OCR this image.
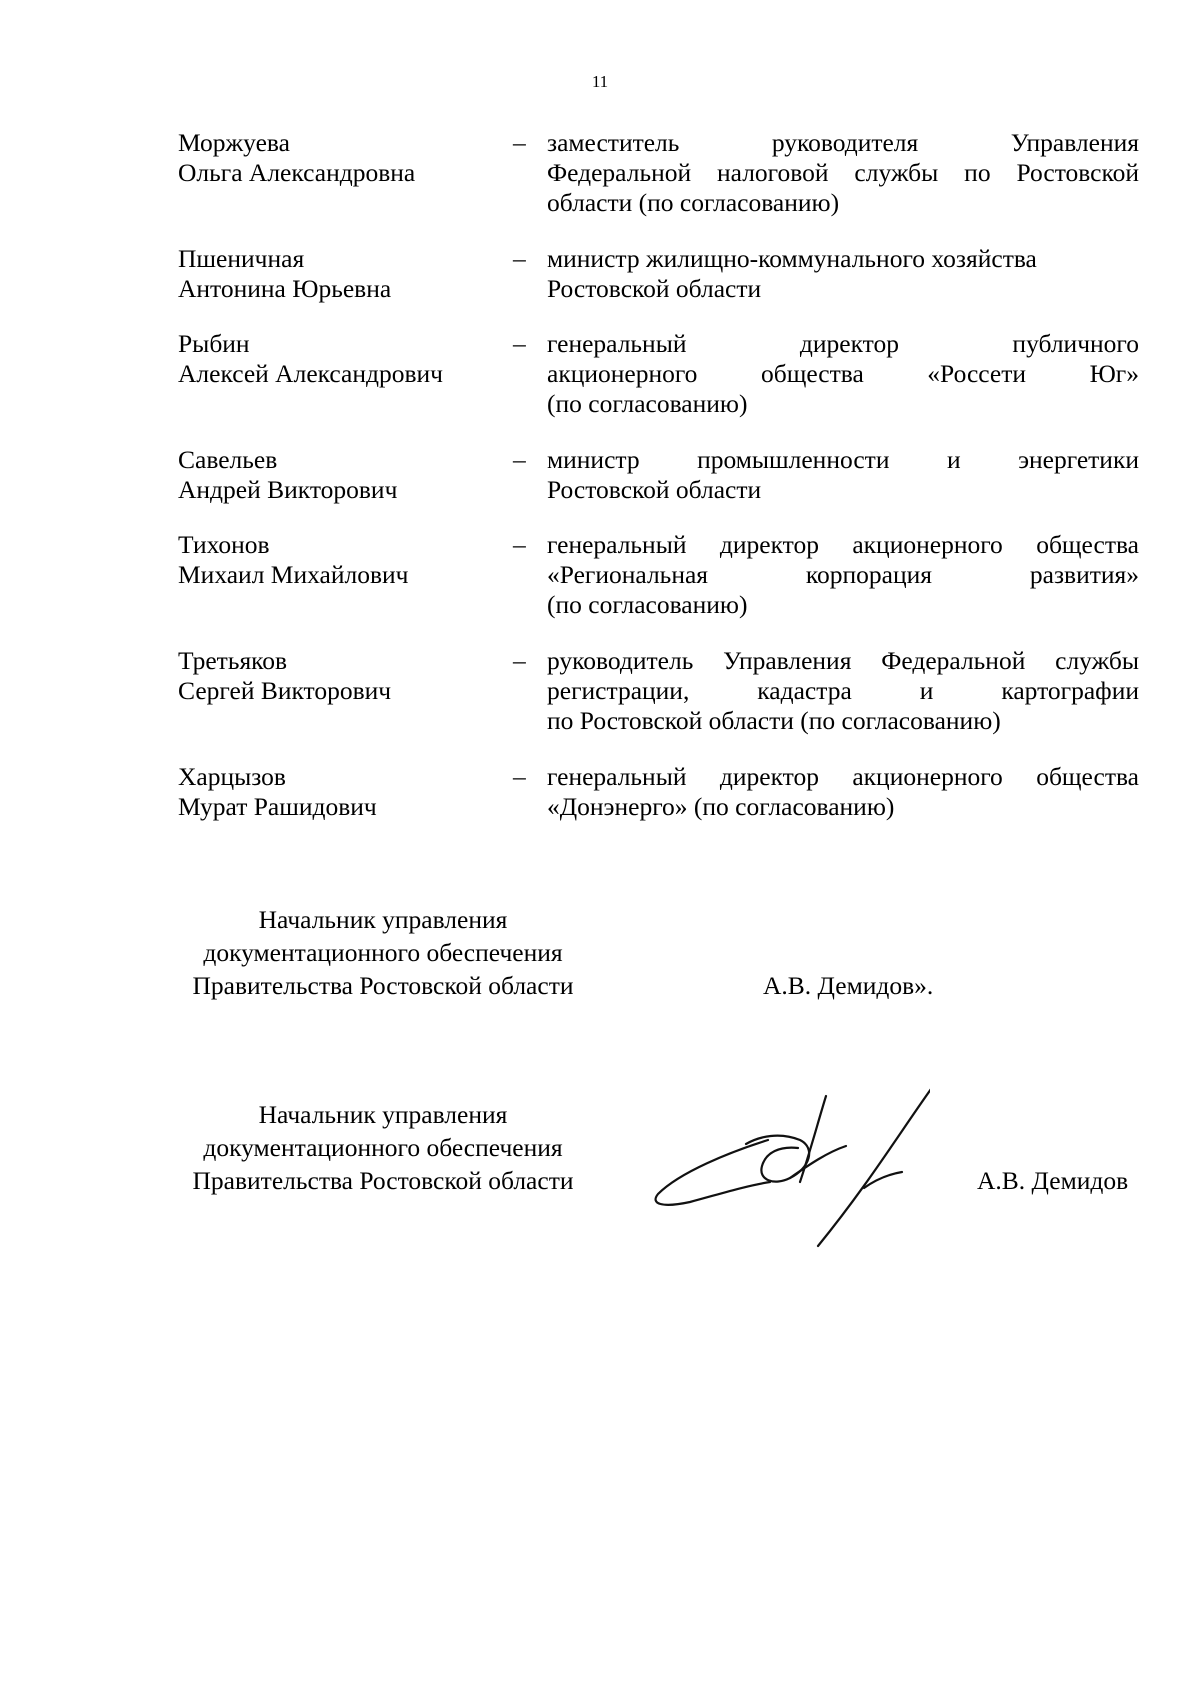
11
Моржуева
Ольга Александровна
– заместитель руководителя Управления
Федеральной налоговой службы по Ростовской
области (по согласованию)
Пшеничная
Антонина Юрьевна
– министр жилищно-коммунального хозяйства
Ростовской области
Рыбин
Алексей Александрович
– генеральный директор публичного
акционерного общества «Россети Юг»
(по согласованию)
Савельев
Андрей Викторович
– министр промышленности и энергетики
Ростовской области
Тихонов
Михаил Михайлович
– генеральный директор акционерного общества
«Региональная корпорация развития»
(по согласованию)
Третьяков
Сергей Викторович
– руководитель Управления Федеральной службы
регистрации, кадастра и картографии
по Ростовской области (по согласованию)
Харцызов
Мурат Рашидович
– генеральный директор акционерного общества
«Донэнерго» (по согласованию)
Начальник управления
документационного обеспечения
Правительства Ростовской области	А.В. Демидов».
Начальник управления
документационного обеспечения
Правительства Ростовской области	А.В. Демидов
